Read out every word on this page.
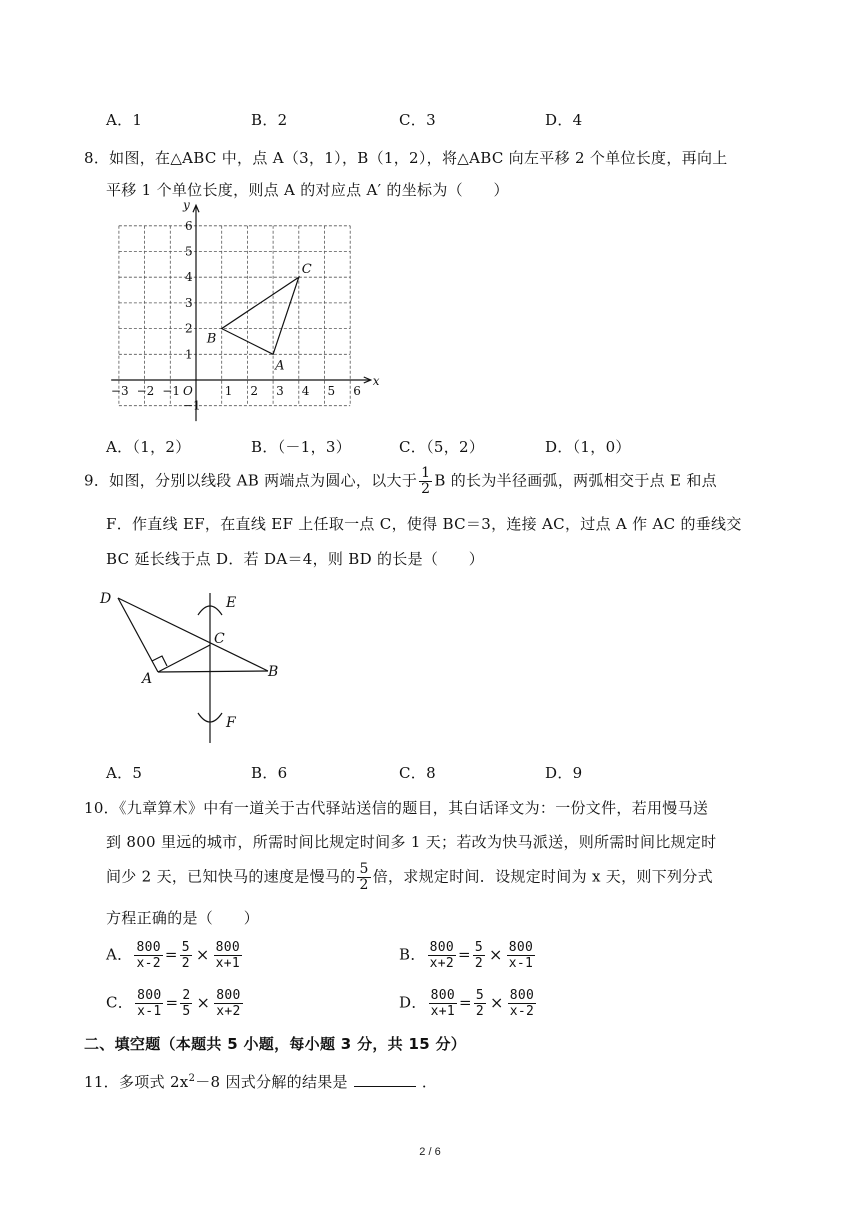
A．1	B．2	C．3	D．4
8．如图，在△ABC 中，点 A（3，1），B（1，2），将△ABC 向左平移 2 个单位长度，再向上
平移 1 个单位长度，则点 A 的对应点 A′ 的坐标为（　　）
−3 −2 −1 O	1 2 3 4 5 6
6
5
4
3
2
1
−1
x
y
A
B
C
A．（1，2）	B．（－1，3）	C．（5，2）	D．（1，0）
9．如图，分别以线段 AB 两端点为圆心，以大于 $\frac{1}{2}$ B 的长为半径画弧，两弧相交于点 E 和点
F．作直线 EF，在直线 EF 上任取一点 C，使得 BC＝3，连接 AC，过点 A 作 AC 的垂线交
BC 延长线于点 D．若 DA＝4，则 BD 的长是（　　）
D	E
C
A	B
F
A．5	B．6	C．8	D．9
10．《九章算术》中有一道关于古代驿站送信的题目，其白话译文为：一份文件，若用慢马送
到 800 里远的城市，所需时间比规定时间多 1 天；若改为快马派送，则所需时间比规定时
间少 2 天，已知快马的速度是慢马的 $\frac{5}{2}$ 倍，求规定时间．设规定时间为 x 天，则下列分式
方程正确的是（　　）
A． $\frac{800}{x-2} = \frac{5}{2} \times \frac{800}{x+1}$	B． $\frac{800}{x+2} = \frac{5}{2} \times \frac{800}{x-1}$
C． $\frac{800}{x-1} = \frac{2}{5} \times \frac{800}{x+2}$	D． $\frac{800}{x+1} = \frac{5}{2} \times \frac{800}{x-2}$
二、填空题（本题共 5 小题，每小题 3 分，共 15 分）
11．多项式 $2x^2-8$ 因式分解的结果是	．
2 / 6
